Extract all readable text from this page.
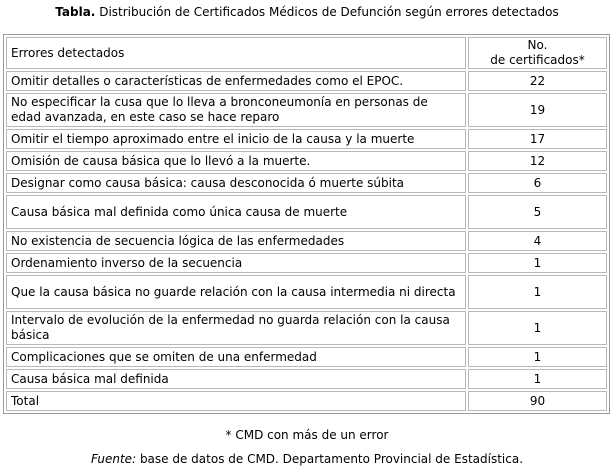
Tabla. Distribución de Certificados Médicos de Defunción según errores detectados
Errores detectados	No.
de certificados*

Omitir detalles o características de enfermedades como el EPOC.	22
No especificar la cusa que lo lleva a bronconeumonía en personas de edad avanzada, en este caso se hace reparo	19
Omitir el tiempo aproximado entre el inicio de la causa y la muerte	17
Omisión de causa básica que lo llevó a la muerte.	12
Designar como causa básica: causa desconocida ó muerte súbita	6
Causa básica mal definida como única causa de muerte	5
No existencia de secuencia lógica de las enfermedades	4
Ordenamiento inverso de la secuencia	1
Que la causa básica no guarde relación con la causa intermedia ni directa	1
Intervalo de evolución de la enfermedad no guarda relación con la causa básica	1
Complicaciones que se omiten de una enfermedad	1
Causa básica mal definida	1
Total	90
* CMD con más de un error
Fuente: base de datos de CMD. Departamento Provincial de Estadística.
